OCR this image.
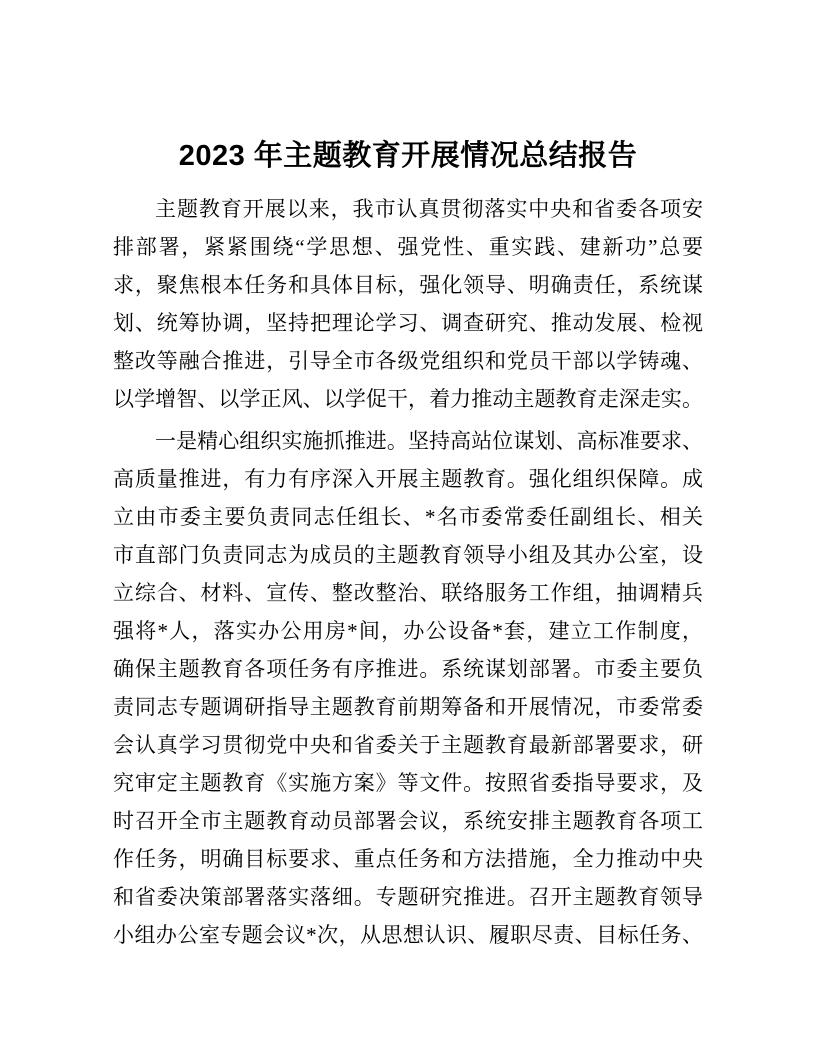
2023 年主题教育开展情况总结报告
主题教育开展以来，我市认真贯彻落实中央和省委各项安
排部署，紧紧围绕“学思想、强党性、重实践、建新功”总要
求，聚焦根本任务和具体目标，强化领导、明确责任，系统谋
划、统筹协调，坚持把理论学习、调查研究、推动发展、检视
整改等融合推进，引导全市各级党组织和党员干部以学铸魂、
以学增智、以学正风、以学促干，着力推动主题教育走深走实。
一是精心组织实施抓推进。坚持高站位谋划、高标准要求、
高质量推进，有力有序深入开展主题教育。强化组织保障。成
立由市委主要负责同志任组长、*名市委常委任副组长、相关
市直部门负责同志为成员的主题教育领导小组及其办公室，设
立综合、材料、宣传、整改整治、联络服务工作组，抽调精兵
强将*人，落实办公用房*间，办公设备*套，建立工作制度，
确保主题教育各项任务有序推进。系统谋划部署。市委主要负
责同志专题调研指导主题教育前期筹备和开展情况，市委常委
会认真学习贯彻党中央和省委关于主题教育最新部署要求，研
究审定主题教育《实施方案》等文件。按照省委指导要求，及
时召开全市主题教育动员部署会议，系统安排主题教育各项工
作任务，明确目标要求、重点任务和方法措施，全力推动中央
和省委决策部署落实落细。专题研究推进。召开主题教育领导
小组办公室专题会议*次，从思想认识、履职尽责、目标任务、
